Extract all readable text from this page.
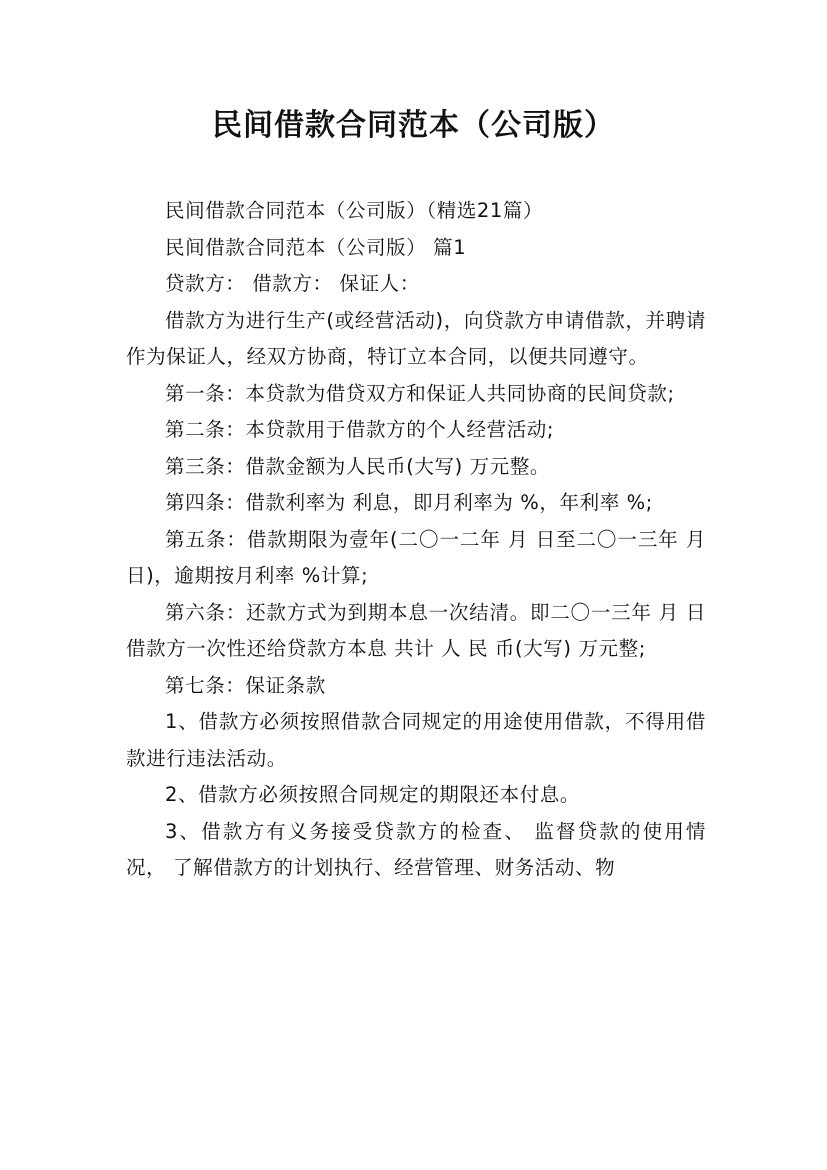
民间借款合同范本（公司版）

民间借款合同范本（公司版）（精选21篇）

民间借款合同范本（公司版） 篇1

贷款方： 借款方： 保证人：

借款方为进行生产(或经营活动)，向贷款方申请借款，并聘请 作为保证人，经双方协商，特订立本合同，以便共同遵守。

第一条：本贷款为借贷双方和保证人共同协商的民间贷款;

第二条：本贷款用于借款方的个人经营活动;

第三条：借款金额为人民币(大写) 万元整。

第四条：借款利率为 利息，即月利率为 %，年利率 %;

第五条：借款期限为壹年(二〇一二年 月 日至二〇一三年 月 日)，逾期按月利率 %计算;

第六条：还款方式为到期本息一次结清。即二〇一三年 月 日借款方一次性还给贷款方本息 共计 人 民 币(大写) 万元整;

第七条：保证条款

1、借款方必须按照借款合同规定的用途使用借款，不得用借款进行违法活动。

2、借款方必须按照合同规定的期限还本付息。

3、借款方有义务接受贷款方的检查、 监督贷款的使用情况， 了解借款方的计划执行、经营管理、财务活动、物
